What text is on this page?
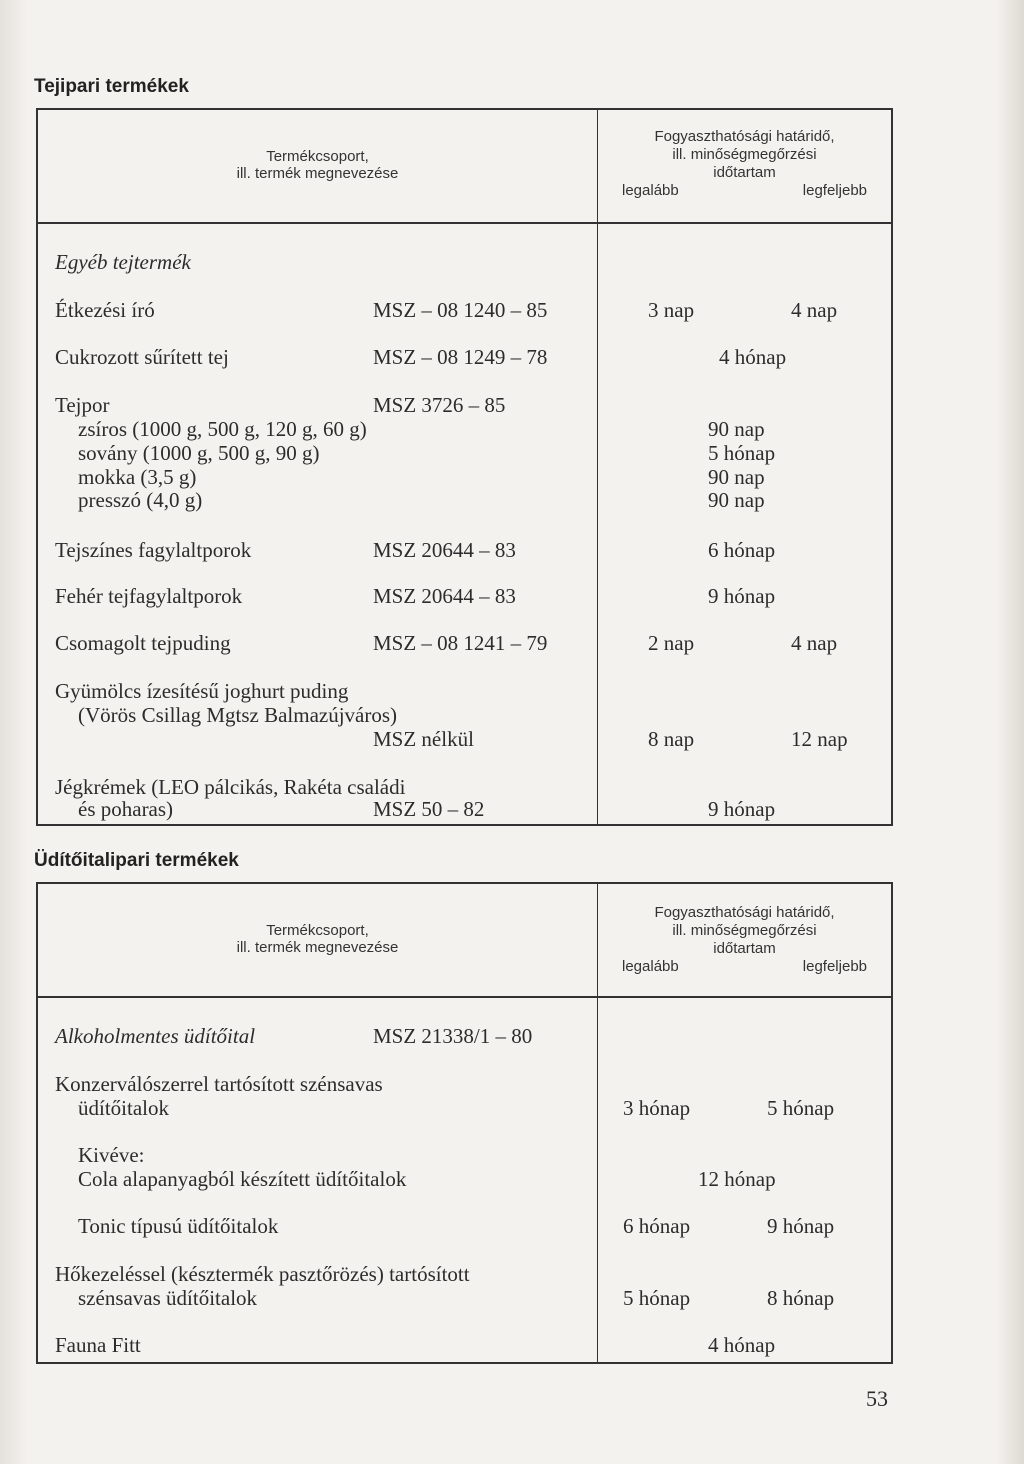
Tejipari termékek
Termékcsoport,
ill. termék megnevezése
Fogyaszthatósági határidő,
ill. minőségmegőrzési
időtartam
legalább	legfeljebb
Egyéb tejtermék
Étkezési író	MSZ – 08 1240 – 85	3 nap	4 nap
Cukrozott sűrített tej	MSZ – 08 1249 – 78	4 hónap
Tejpor	MSZ 3726 – 85
zsíros (1000 g, 500 g, 120 g, 60 g)	90 nap
sovány (1000 g, 500 g, 90 g)	5 hónap
mokka (3,5 g)	90 nap
presszó (4,0 g)	90 nap
Tejszínes fagylaltporok	MSZ 20644 – 83	6 hónap
Fehér tejfagylaltporok	MSZ 20644 – 83	9 hónap
Csomagolt tejpuding	MSZ – 08 1241 – 79	2 nap	4 nap
Gyümölcs ízesítésű joghurt puding
(Vörös Csillag Mgtsz Balmazújváros)
MSZ nélkül	8 nap	12 nap
Jégkrémek (LEO pálcikás, Rakéta családi
és poharas)	MSZ 50 – 82	9 hónap
Üdítőitalipari termékek
Termékcsoport,
ill. termék megnevezése
Fogyaszthatósági határidő,
ill. minőségmegőrzési
időtartam
legalább	legfeljebb
Alkoholmentes üdítőital	MSZ 21338/1 – 80
Konzerválószerrel tartósított szénsavas
üdítőitalok	3 hónap	5 hónap
Kivéve:
Cola alapanyagból készített üdítőitalok	12 hónap
Tonic típusú üdítőitalok	6 hónap	9 hónap
Hőkezeléssel (késztermék pasztőrözés) tartósított
szénsavas üdítőitalok	5 hónap	8 hónap
Fauna Fitt	4 hónap
53
